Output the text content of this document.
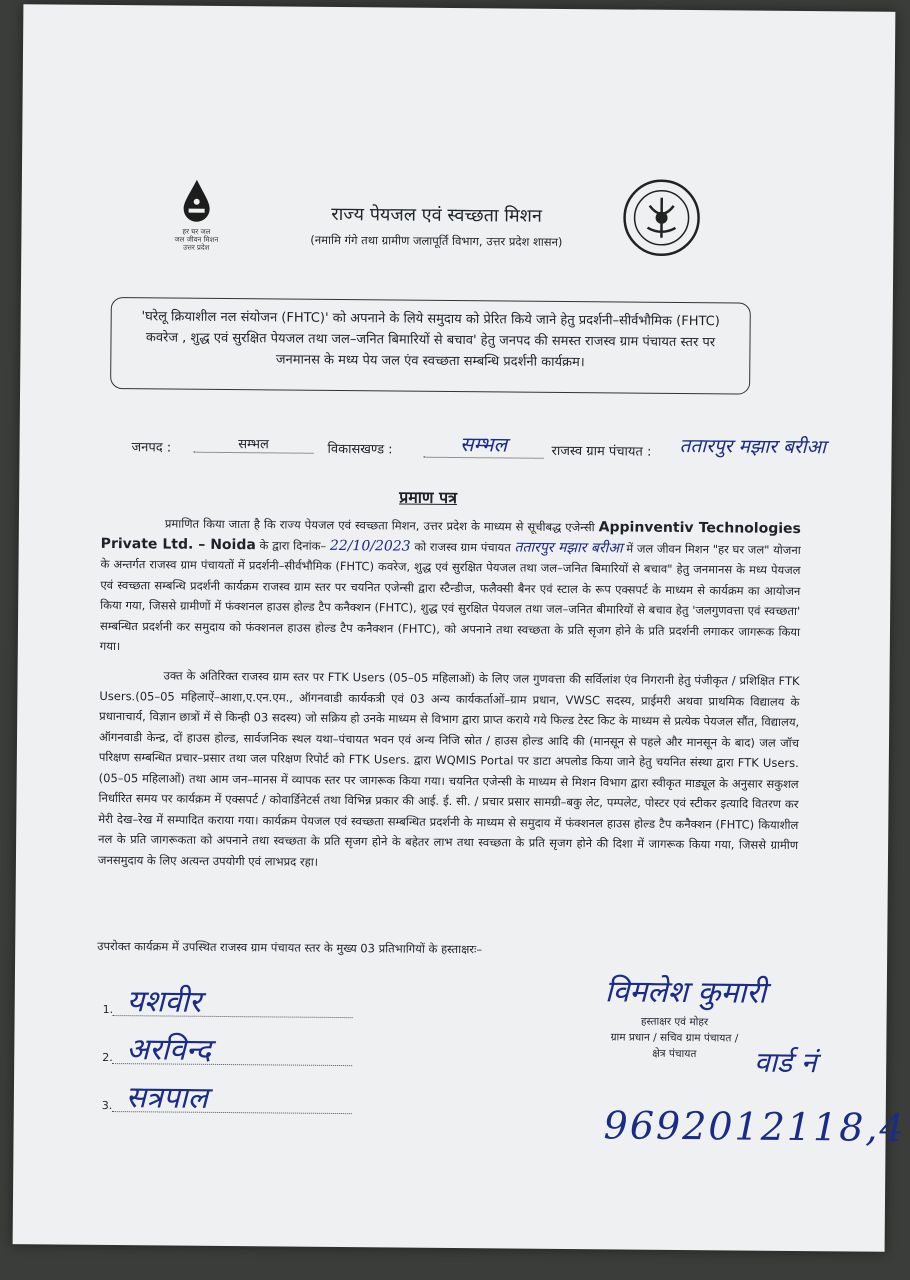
हर घर जल
जल जीवन मिशन
उत्तर प्रदेश
राज्य पेयजल एवं स्वच्छता मिशन
(नमामि गंगे तथा ग्रामीण जलापूर्ति विभाग, उत्तर प्रदेश शासन)
'घरेलू क्रियाशील नल संयोजन (FHTC)' को अपनाने के लिये समुदाय को प्रेरित किये जाने हेतु प्रदर्शनी–सीर्वभौमिक (FHTC) कवरेज , शुद्ध एवं सुरक्षित पेयजल तथा जल–जनित बिमारियों से बचाव' हेतु जनपद की समस्त राजस्व ग्राम पंचायत स्तर पर जनमानस के मध्य पेय जल एंव स्वच्छता सम्बन्धि प्रदर्शनी कार्यक्रम।
जनपद :	सम्भल	विकासखण्ड :	सम्भल	राजस्व ग्राम पंचायत : ततारपुर मझार बरीआ
प्रमाण पत्र
प्रमाणित किया जाता है कि राज्य पेयजल एवं स्वच्छता मिशन, उत्तर प्रदेश के माध्यम से सूचीबद्ध एजेन्सी Appinventiv Technologies Private Ltd. – Noida के द्वारा दिनांक– 22/10/2023 को राजस्व ग्राम पंचायत ततारपुर मझार बरीआ में जल जीवन मिशन "हर घर जल" योजना के अन्तर्गत राजस्व ग्राम पंचायतों में प्रदर्शनी–सीर्वभौमिक (FHTC) कवरेज, शुद्ध एवं सुरक्षित पेयजल तथा जल–जनित बिमारियों से बचाव" हेतु जनमानस के मध्य पेयजल एवं स्वच्छता सम्बन्धि प्रदर्शनी कार्यक्रम राजस्व ग्राम स्तर पर चयनित एजेन्सी द्वारा स्टैन्डीज, फलैक्सी बैनर एवं स्टाल के रूप एक्सपर्ट के माध्यम से कार्यक्रम का आयोजन किया गया, जिससे ग्रामीणों में फंक्शनल हाउस होल्ड टैप कनैक्शन (FHTC), शुद्ध एवं सुरक्षित पेयजल तथा जल–जनित बीमारियों से बचाव हेतु 'जलगुणवत्ता एवं स्वच्छता' सम्बन्धित प्रदर्शनी कर समुदाय को फंक्शनल हाउस होल्ड टैप कनैक्शन (FHTC), को अपनाने तथा स्वच्छता के प्रति सृजग होने के प्रति प्रदर्शनी लगाकर जागरूक किया गया।
उक्त के अतिरिक्त राजस्व ग्राम स्तर पर FTK Users (05–05 महिलाओं) के लिए जल गुणवत्ता की सर्विलांश एंव निगरानी हेतु पंजीकृत / प्रशिक्षित FTK Users.(05–05 महिलाऐं–आशा,ए.एन.एम., ऑगनवाडी कार्यकत्री एवं 03 अन्य कार्यकर्ताओं–ग्राम प्रधान, VWSC सदस्य, प्राईमरी अथवा प्राथमिक विद्यालय के प्रधानाचार्य, विज्ञान छात्रों में से किन्ही 03 सदस्य) जो सक्रिय हो उनके माध्यम से विभाग द्वारा प्राप्त कराये गये फिल्ड टेस्ट किट के माध्यम से प्रत्येक पेयजल सौंत, विद्यालय, ऑगनवाडी केन्द्र, दों हाउस होल्ड, सार्वजनिक स्थल यथा–पंचायत भवन एवं अन्य निजि स्रोत / हाउस होल्ड आदि की (मानसून से पहले और मानसून के बाद) जल जॉच परिक्षण सम्बन्धित प्रचार–प्रसार तथा जल परिक्षण रिपोर्ट को FTK Users. द्वारा WQMIS Portal पर डाटा अपलोड किया जाने हेतु चयनित संस्था द्वारा FTK Users.(05–05 महिलाओं) तथा आम जन–मानस में व्यापक स्तर पर जागरूक किया गया। चयनित एजेन्सी के माध्यम से मिशन विभाग द्वारा स्वीकृत माड्यूल के अनुसार सकुशल निर्धारित समय पर कार्यक्रम में एक्सपर्ट / कोवार्डिनेटर्स तथा विभिन्न प्रकार की आई. ई. सी. / प्रचार प्रसार सामग्री–बकु लेट, पम्पलेट, पोस्टर एवं स्टीकर इत्यादि वितरण कर मेरी देख–रेख में सम्पादित कराया गया। कार्यक्रम पेयजल एवं स्वच्छता सम्बन्धित प्रदर्शनी के माध्यम से समुदाय में फंक्शनल हाउस होल्ड टैप कनैक्शन (FHTC) कियाशील नल के प्रति जागरूकता को अपनाने तथा स्वच्छता के प्रति सृजग होने के बहेतर लाभ तथा स्वच्छता के प्रति सृजग होने की दिशा में जागरूक किया गया, जिससे ग्रामीण जनसमुदाय के लिए अत्यन्त उपयोगी एवं लाभप्रद रहा।
उपरोक्त कार्यक्रम में उपस्थित राजस्व ग्राम पंचायत स्तर के मुख्य 03 प्रतिभागियों के हस्ताक्षरः–
1. यशवीर
2. अरविन्द
3. सत्रपाल
विमलेश कुमारी
हस्ताक्षर एवं मोहर
ग्राम प्रधान / सचिव ग्राम पंचायत /
क्षेत्र पंचायत	वार्ड नं
9692012118,4
